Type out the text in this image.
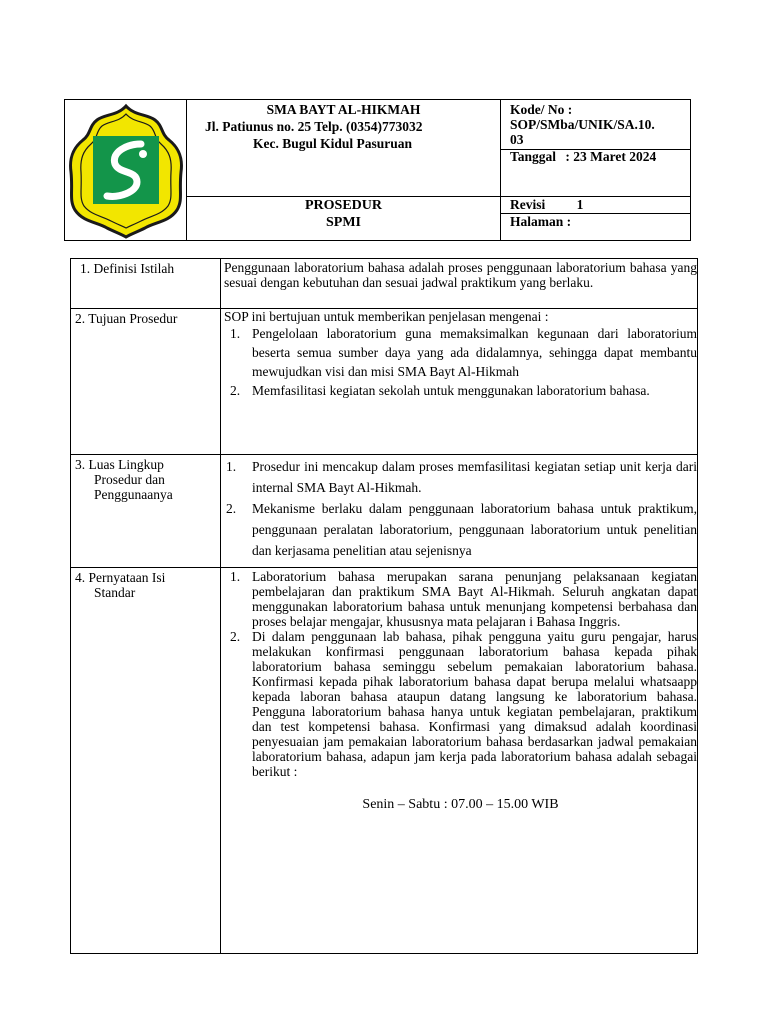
SMA BAYT AL-HIKMAH
Jl. Patiunus no. 25 Telp. (0354)773032
Kec. Bugul Kidul Pasuruan
PROSEDUR
SPMI
Kode/ No :
SOP/SMba/UNIK/SA.10.
03
Tanggal : 23 Maret 2024
Revisi 1
Halaman :
1. Definisi Istilah	Penggunaan laboratorium bahasa adalah proses penggunaan laboratorium bahasa yang sesuai dengan kebutuhan dan sesuai jadwal praktikum yang berlaku.

2. Tujuan Prosedur	SOP ini bertujuan untuk memberikan penjelasan mengenai :

1. Pengelolaan laboratorium guna memaksimalkan kegunaan dari laboratorium beserta semua sumber daya yang ada didalamnya, sehingga dapat membantu mewujudkan visi dan misi SMA Bayt Al-Hikmah
2. Memfasilitasi kegiatan sekolah untuk menggunakan laboratorium bahasa.
3. Luas Lingkup
Prosedur dan
Penggunaanya
1. Prosedur ini mencakup dalam proses memfasilitasi kegiatan setiap unit kerja dari internal SMA Bayt Al-Hikmah.
2. Mekanisme berlaku dalam penggunaan laboratorium bahasa untuk praktikum, penggunaan peralatan laboratorium, penggunaan laboratorium untuk penelitian dan kerjasama penelitian atau sejenisnya
4. Pernyataan Isi
Standar
1. Laboratorium bahasa merupakan sarana penunjang pelaksanaan kegiatan pembelajaran dan praktikum SMA Bayt Al-Hikmah. Seluruh angkatan dapat menggunakan laboratorium bahasa untuk menunjang kompetensi berbahasa dan proses belajar mengajar, khususnya mata pelajaran i Bahasa Inggris.
2. Di dalam penggunaan lab bahasa, pihak pengguna yaitu guru pengajar, harus melakukan konfirmasi penggunaan laboratorium bahasa kepada pihak laboratorium bahasa seminggu sebelum pemakaian laboratorium bahasa. Konfirmasi kepada pihak laboratorium bahasa dapat berupa melalui whatsaapp kepada laboran bahasa ataupun datang langsung ke laboratorium bahasa. Pengguna laboratorium bahasa hanya untuk kegiatan pembelajaran, praktikum dan test kompetensi bahasa. Konfirmasi yang dimaksud adalah koordinasi penyesuaian jam pemakaian laboratorium bahasa berdasarkan jadwal pemakaian laboratorium bahasa, adapun jam kerja pada laboratorium bahasa adalah sebagai berikut :
Senin – Sabtu : 07.00 – 15.00 WIB
